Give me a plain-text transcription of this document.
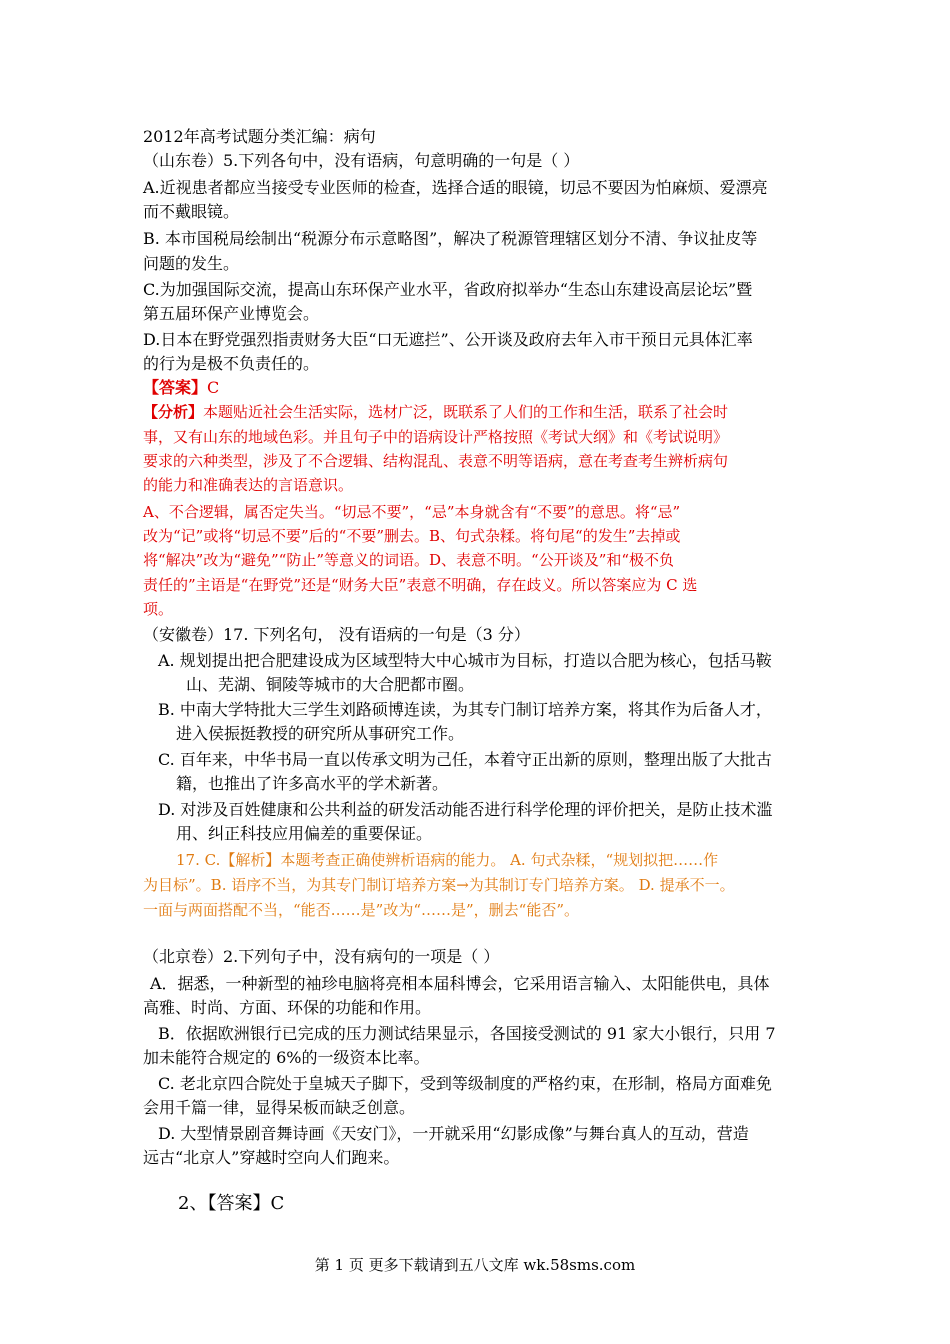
2012年高考试题分类汇编：病句
（山东卷）5.下列各句中，没有语病，句意明确的一句是（ ）
A.近视患者都应当接受专业医师的检查，选择合适的眼镜，切忌不要因为怕麻烦、爱漂亮
而不戴眼镜。
B. 本市国税局绘制出“税源分布示意略图”，解决了税源管理辖区划分不清、争议扯皮等
问题的发生。
C.为加强国际交流，提高山东环保产业水平，省政府拟举办“生态山东建设高层论坛”暨
第五届环保产业博览会。
D.日本在野党强烈指责财务大臣“口无遮拦”、公开谈及政府去年入市干预日元具体汇率
的行为是极不负责任的。
【答案】C
【分析】本题贴近社会生活实际，选材广泛，既联系了人们的工作和生活，联系了社会时
事，又有山东的地域色彩。并且句子中的语病设计严格按照《考试大纲》和《考试说明》
要求的六种类型，涉及了不合逻辑、结构混乱、表意不明等语病，意在考查考生辨析病句
的能力和准确表达的言语意识。
A、不合逻辑，属否定失当。“切忌不要”，“忌”本身就含有“不要”的意思。将“忌”
改为“记”或将“切忌不要”后的“不要”删去。B、句式杂糅。将句尾“的发生”去掉或
将“解决”改为“避免”“防止”等意义的词语。D、表意不明。“公开谈及”和“极不负
责任的”主语是“在野党”还是“财务大臣”表意不明确，存在歧义。所以答案应为 C 选
项。
（安徽卷）17. 下列名句， 没有语病的一句是（3 分）
A. 规划提出把合肥建设成为区域型特大中心城市为目标，打造以合肥为核心，包括马鞍
山、芜湖、铜陵等城市的大合肥都市圈。
B. 中南大学特批大三学生刘路硕博连读，为其专门制订培养方案，将其作为后备人才，
进入侯振挺教授的研究所从事研究工作。
C. 百年来，中华书局一直以传承文明为己任，本着守正出新的原则，整理出版了大批古
籍，也推出了许多高水平的学术新著。
D. 对涉及百姓健康和公共利益的研发活动能否进行科学伦理的评价把关，是防止技术滥
用、纠正科技应用偏差的重要保证。
17. C.【解析】本题考查正确使辨析语病的能力。 A. 句式杂糅，“规划拟把……作
为目标”。B. 语序不当，为其专门制订培养方案→为其制订专门培养方案。 D. 提承不一。
一面与两面搭配不当，“能否……是”改为“……是”，删去“能否”。
（北京卷）2.下列句子中，没有病句的一项是（ ）
A．据悉，一种新型的袖珍电脑将亮相本届科博会，它采用语言输入、太阳能供电，具体
高雅、时尚、方面、环保的功能和作用。
B．依据欧洲银行已完成的压力测试结果显示，各国接受测试的 91 家大小银行，只用 7
加未能符合规定的 6%的一级资本比率。
C. 老北京四合院处于皇城天子脚下，受到等级制度的严格约束，在形制，格局方面难免
会用千篇一律，显得呆板而缺乏创意。
D. 大型情景剧音舞诗画《天安门》，一开就采用“幻影成像”与舞台真人的互动，营造
远古“北京人”穿越时空向人们跑来。
2、【答案】C
第 1 页 更多下载请到五八文库 wk.58sms.com
